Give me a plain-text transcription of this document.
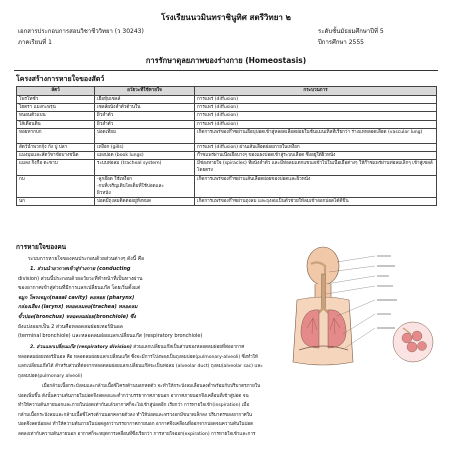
โรงเรียนนวมินทราชินูทิศ สตรีวิทยา ๒
เอกสารประกอบการสอนวิชาชีววิทยา (ว 30243)	ระดับชั้นมัธยมศึกษาปีที่ 5
ภาคเรียนที่ 1	ปีการศึกษา 2555
การรักษาดุลยภาพของร่างกาย (Homeostasis)
โครงสร้างการหายใจของสัตว์
สัตว์	อวัยวะที่ใช้หายใจ	กระบวนการ
โพรโทซัว	เยื่อหุ้มเซลล์	การแพร่ (diffusion)
ไฮดรา แมงกะพรุน	เซลล์ผนังลำตัวด้านใน	การแพร่ (diffusion)
หนอนตัวแบน	ผิวลำตัว	การแพร่ (diffusion)
ไส้เดือนดิน	ผิวลำตัว	การแพร่ (diffusion)
หอยทากบก	ปอดเทียม	เกิดการแพร่ของก๊าซผ่านเยื่อบุปอดเข้าสู่หลอดเลือดฝอยในชั้นแมนเทิลที่เรียกว่า ร่างแหหลอดเลือด (vascular lung)
สัตว์น้ำพวกกุ้ง กั้ง ปู ปลา	เหงือก (gills)	การแพร่ (diffusion) ผ่านเส้นเลือดฝอยภายในเหงือก
แมงมุมและสัตว์ขาข้อบางชนิด	แผงปอด (book lungs)	ก๊าซแพร่ผ่านเนื้อเยื่อบางๆ ของแผงปอดเข้าสู่ระบบเลือด ซึ่งอยู่ใต้ผิวหนัง
แมลง กิ้งกือ ตะขาบ	ระบบท่อลม (tracheal system)	มีช่องหายใจ (spiracles) ที่ผนังลำตัว และมีท่อลมแตกแขนงเข้าไปในเนื้อเยื่อต่างๆ ให้ก๊าซแพร่ผ่านท่อลมเล็กๆ เข้าสู่เซลล์โดยตรง
กบ	-ลูกอ๊อด ใช้เหงือก
-กบที่เจริญเติบโตเต็มที่ใช้ปอดและ
ผิวหนัง	เกิดการแพร่ของก๊าซผ่านเส้นเลือดฝอยของปอดและผิวหนัง
นก	ปอดมีถุงลมติดต่ออยู่ทั้งหมด	เกิดการแพร่ของก๊าซผ่านถุงลม และถุงลมเป็นตัวช่วยให้ลมเข้าออกปอดได้ดีขึ้น
การหายใจของคน
ระบบการหายใจของคนประกอบด้วยส่วนต่างๆ ดังนี้ คือ
1. ส่วนนำอากาศเข้าสู่ร่างกาย (conducting
division) ส่วนนี้ประกอบด้วยอวัยวะที่ทำหน้าที่เป็นทางผ่าน
ของอากาศเข้าสู่ส่วนที่มีการแลกเปลี่ยนแก๊ส โดยเริ่มตั้งแต่
จมูก โพรงจมูก(nasal cavity) คอหอย (pharynx)
กล่องเสียง (larynx) หลอดลมคอ(trachea) หลอดลม
ขั้วปอด(bronchus) หลอดลมฝอย(bronchiole) ซึ่ง
ยังแบ่งออกเป็น 2 ส่วนคือหลอดลมฝอยเทอร์มินอล
(terminal bronchiole) และหลอดลมฝอยแลกเปลี่ยนแก๊ส (respiratory bronchiole)
2. ส่วนแลกเปลี่ยนแก๊ส (respiratory division) ส่วนแลกเปลี่ยนแก๊สเป็นส่วนของหลอดลมฝอยที่ต่ออากาศ
หลอดลมฝอยเทอร์มินอล คือ หลอดลมฝอยแลกเปลี่ยนแก๊ส ซึ่งจะมีการโป่งพองเป็นถุงลมปอด(pulmonary-alveoli) ซึ่งทำให้
แลกเปลี่ยนแก๊สได้ สำหรับส่วนที่ต่อจากหลอดลมฝอยแลกเปลี่ยนแก๊สจะเป็นท่อลม (alveolar duct) ถุงลม(alveolar sac) และ
ถุงลมปอด(pulmonary alveoli)
เมื่อกล้ามเนื้อกระบังลมและกล้ามเนื้อซี่โครงด้านนอกหดตัว จะทำให้กระบังลมเลื่อนลงต่ำพร้อมกับปริมาตรภายใน
ปอดเพิ่มขึ้น ดังนั้นความดันภายในปอดจึงลดลงและต่ำกว่าบรรยากาศภายนอก อากาศภายนอกจึงเคลื่อนที่เข้าสู่ปอด จน
ทำให้ความดันภายนอกและภายในปอดเท่ากันแล้วอากาศก็จะไม่เข้าสู่ปอดอีก เรียกว่า การหายใจเข้า(inspiration) เมื่อ
กล้ามเนื้อกระบังลมและกล้ามเนื้อซี่โครงด้านนอกคลายตัวลง ทำให้ปอดและทรวงอกมีขนาดเล็กลง ปริมาตรของอากาศใน
ปอดจึงลดน้อยลง ทำให้ความดันภายในปอดสูงกว่าบรรยากาศภายนอก อากาศจึงเคลื่อนที่ออกจากปอดจนความดันในปอด
ลดลงเท่ากับความดันภายนอก อากาศก็จะหยุดการเคลื่อนที่ซึ่งเรียกว่า การหายใจออก(expiration) การหายใจเข้าและการ
